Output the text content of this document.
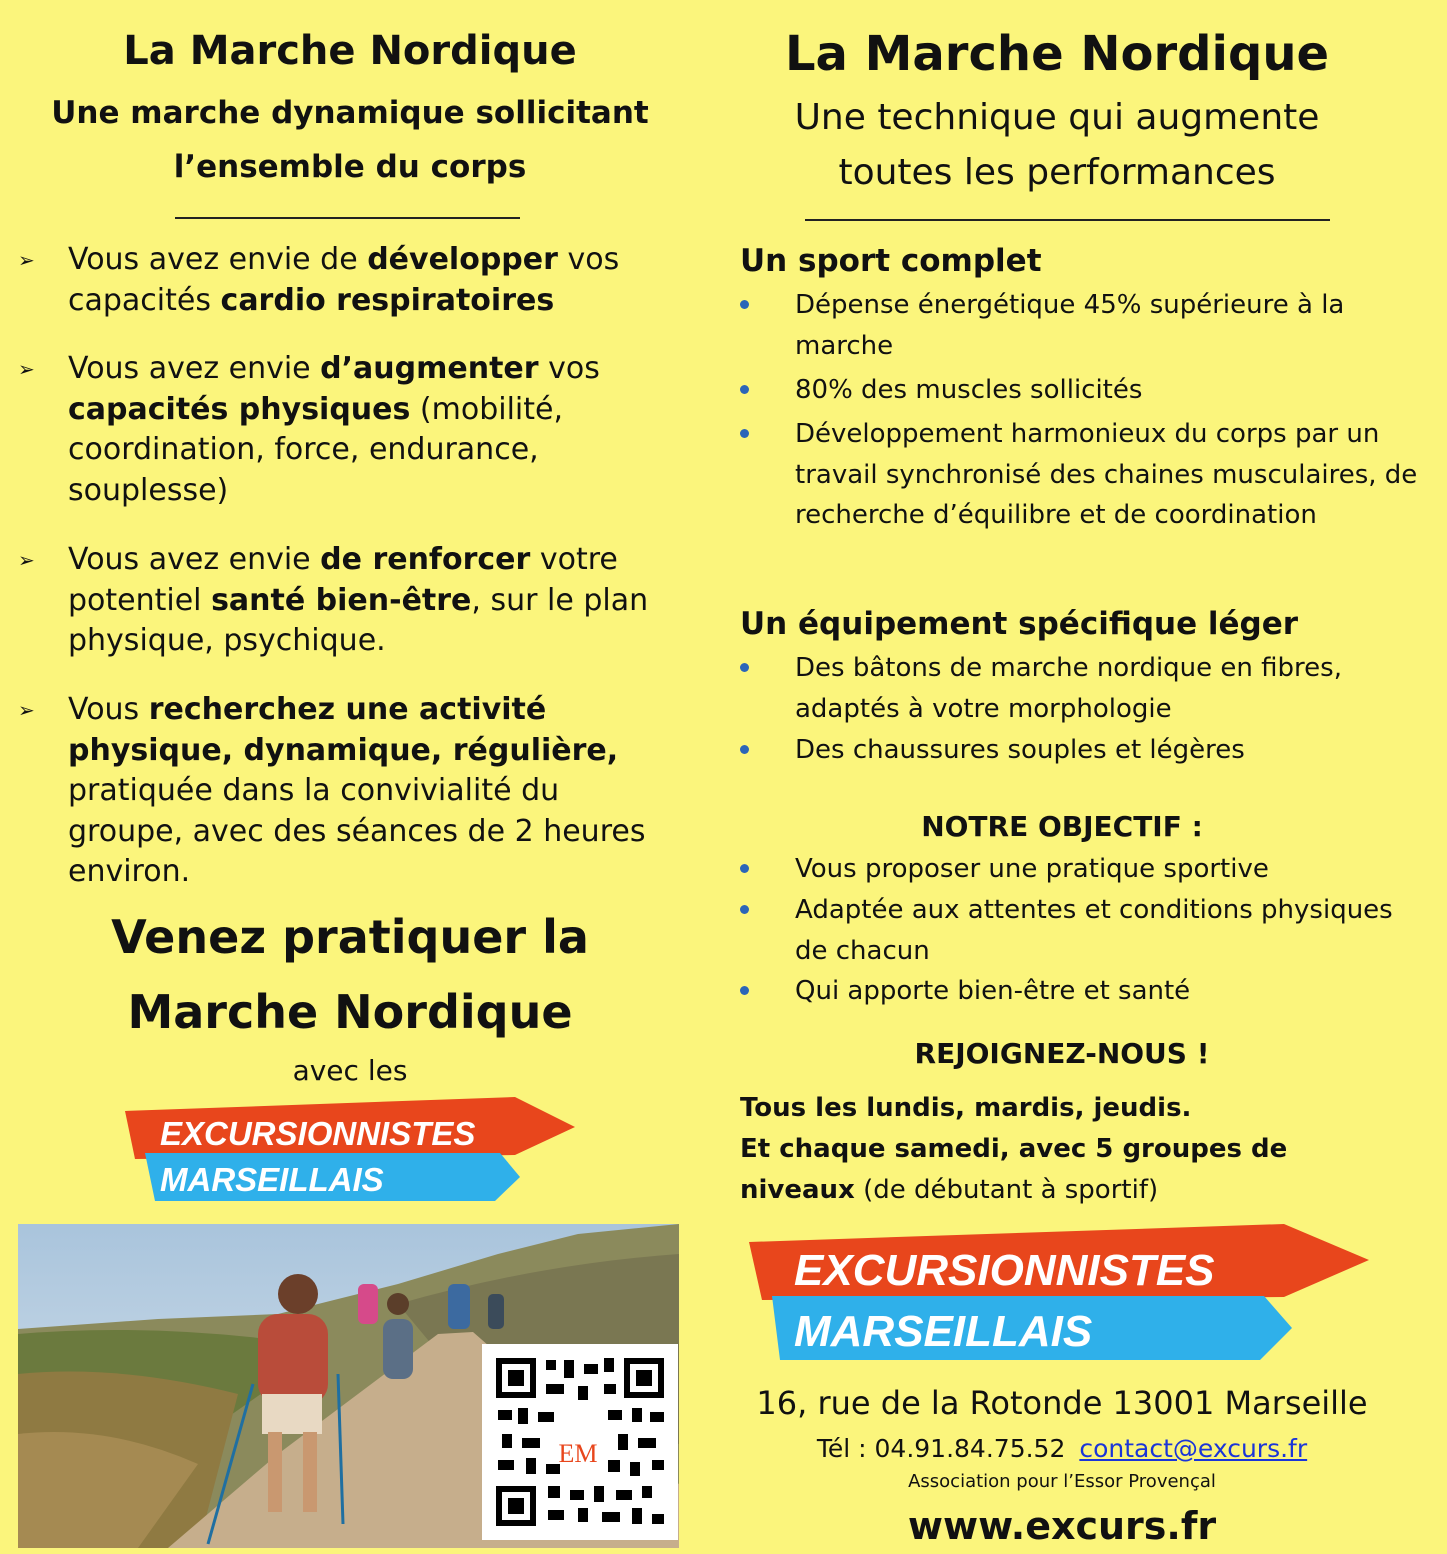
La Marche Nordique
Une marche dynamique sollicitant
l’ensemble du corps
➢ Vous avez envie de développer vos capacités cardio respiratoires
➢ Vous avez envie d’augmenter vos capacités physiques (mobilité, coordination, force, endurance, souplesse)
➢ Vous avez envie de renforcer votre potentiel santé bien-être, sur le plan physique, psychique.
➢ Vous recherchez une activité physique, dynamique, régulière, pratiquée dans la convivialité du groupe, avec des séances de 2 heures environ.
Venez pratiquer la
Marche Nordique
avec les
EXCURSIONNISTES
MARSEILLAIS
EM
La Marche Nordique
Une technique qui augmente
toutes les performances
Un sport complet
Dépense énergétique 45% supérieure à la marche
80% des muscles sollicités
Développement harmonieux du corps par un travail synchronisé des chaines musculaires, de recherche d’équilibre et de coordination
Un équipement spécifique léger
Des bâtons de marche nordique en fibres, adaptés à votre morphologie
Des chaussures souples et légères
NOTRE OBJECTIF :
Vous proposer une pratique sportive
Adaptée aux attentes et conditions physiques de chacun
Qui apporte bien-être et santé
REJOIGNEZ-NOUS !
Tous les lundis, mardis, jeudis.
Et chaque samedi, avec 5 groupes de
niveaux (de débutant à sportif)
EXCURSIONNISTES
MARSEILLAIS
16, rue de la Rotonde 13001 Marseille
Tél : 04.91.84.75.52 contact@excurs.fr
Association pour l’Essor Provençal
www.excurs.fr
